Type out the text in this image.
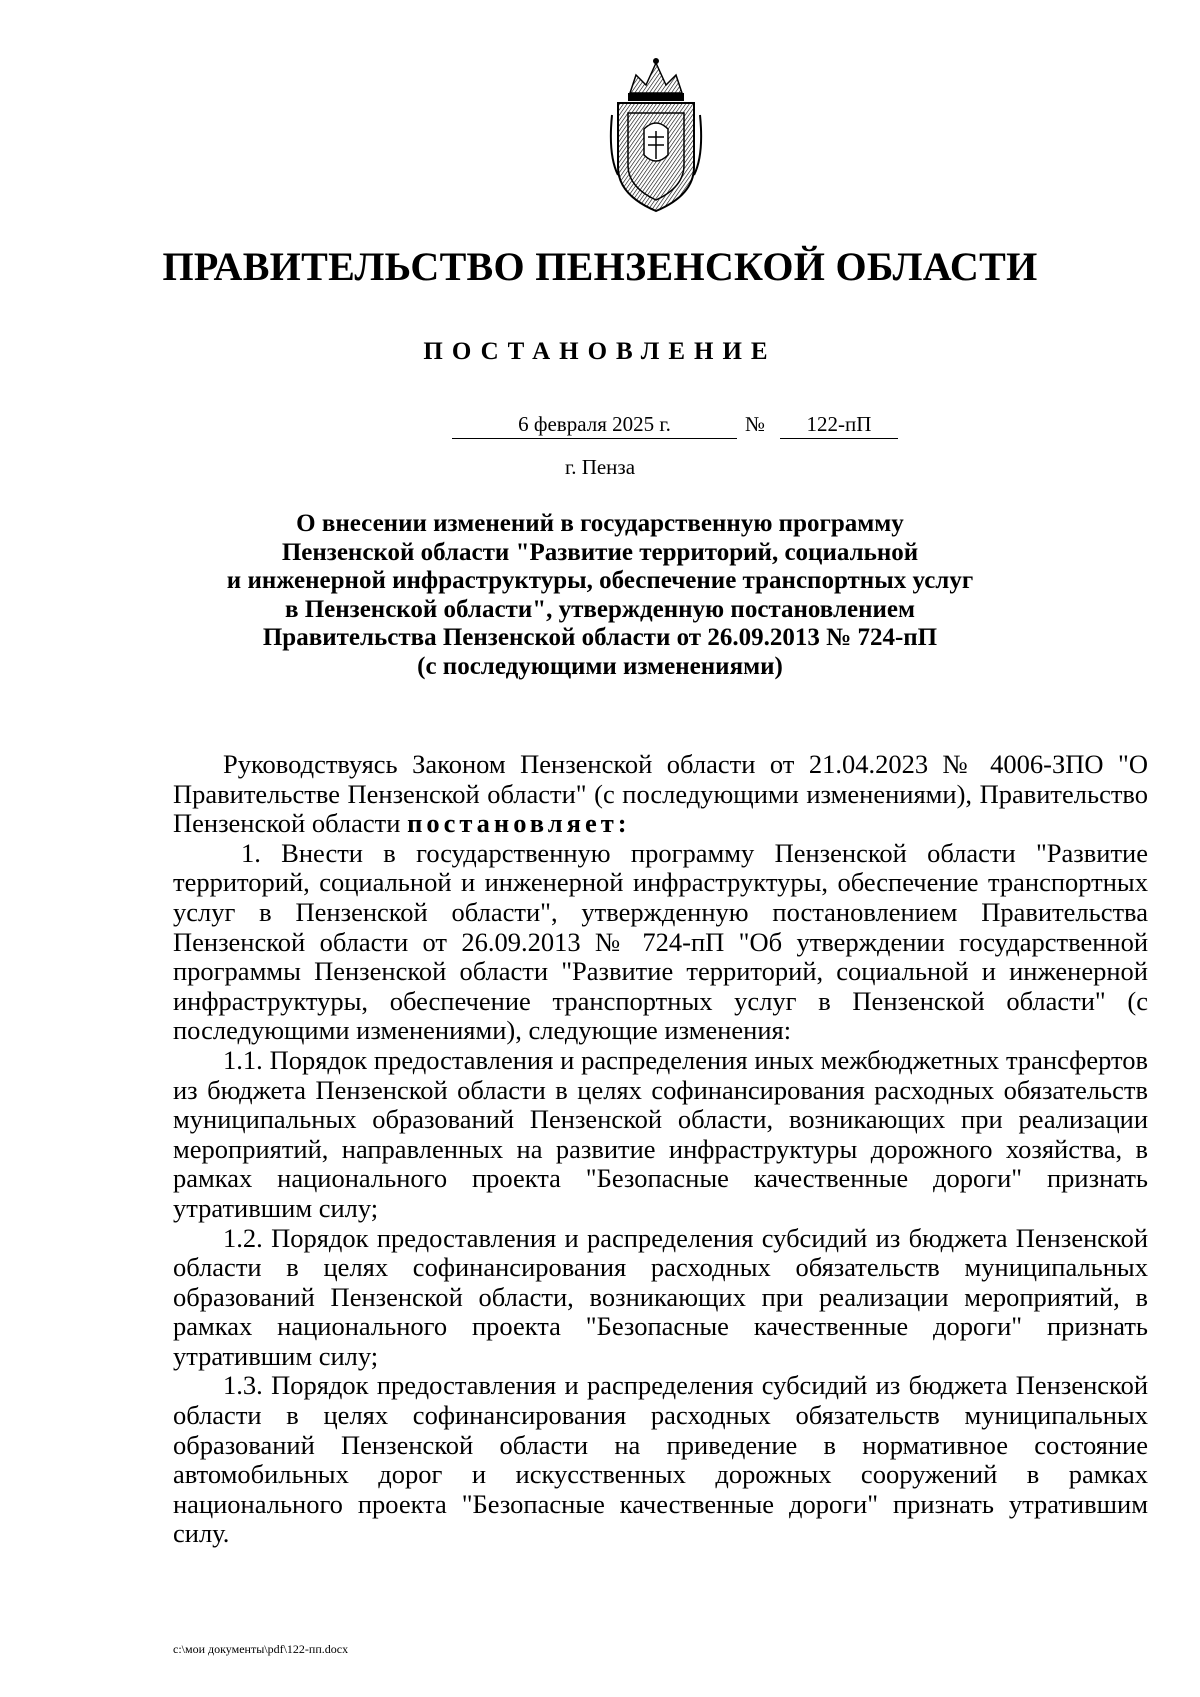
ПРАВИТЕЛЬСТВО ПЕНЗЕНСКОЙ ОБЛАСТИ
ПОСТАНОВЛЕНИЕ
6 февраля 2025 г.	№	122-пП
г. Пенза
О внесении изменений в государственную программу
Пензенской области "Развитие территорий, социальной
и инженерной инфраструктуры, обеспечение транспортных услуг
в Пензенской области", утвержденную постановлением
Правительства Пензенской области от 26.09.2013 № 724-пП
(с последующими изменениями)

Руководствуясь Законом Пензенской области от 21.04.2023 № 4006-ЗПО "О Правительстве Пензенской области" (с последующими изменениями), Правительство Пензенской области постановляет:

1. Внести в государственную программу Пензенской области "Развитие территорий, социальной и инженерной инфраструктуры, обеспечение транспортных услуг в Пензенской области", утвержденную постановлением Правительства Пензенской области от 26.09.2013 № 724-пП "Об утверждении государственной программы Пензенской области "Развитие территорий, социальной и инженерной инфраструктуры, обеспечение транспортных услуг в Пензенской области" (с последующими изменениями), следующие изменения:

1.1. Порядок предоставления и распределения иных межбюджетных трансфертов из бюджета Пензенской области в целях софинансирования расходных обязательств муниципальных образований Пензенской области, возникающих при реализации мероприятий, направленных на развитие инфраструктуры дорожного хозяйства, в рамках национального проекта "Безопасные качественные дороги" признать утратившим силу;

1.2. Порядок предоставления и распределения субсидий из бюджета Пензенской области в целях софинансирования расходных обязательств муниципальных образований Пензенской области, возникающих при реализации мероприятий, в рамках национального проекта "Безопасные качественные дороги" признать утратившим силу;

1.3. Порядок предоставления и распределения субсидий из бюджета Пензенской области в целях софинансирования расходных обязательств муниципальных образований Пензенской области на приведение в нормативное состояние автомобильных дорог и искусственных дорожных сооружений в рамках национального проекта "Безопасные качественные дороги" признать утратившим силу.

c:\мои документы\pdf\122-пп.docx
